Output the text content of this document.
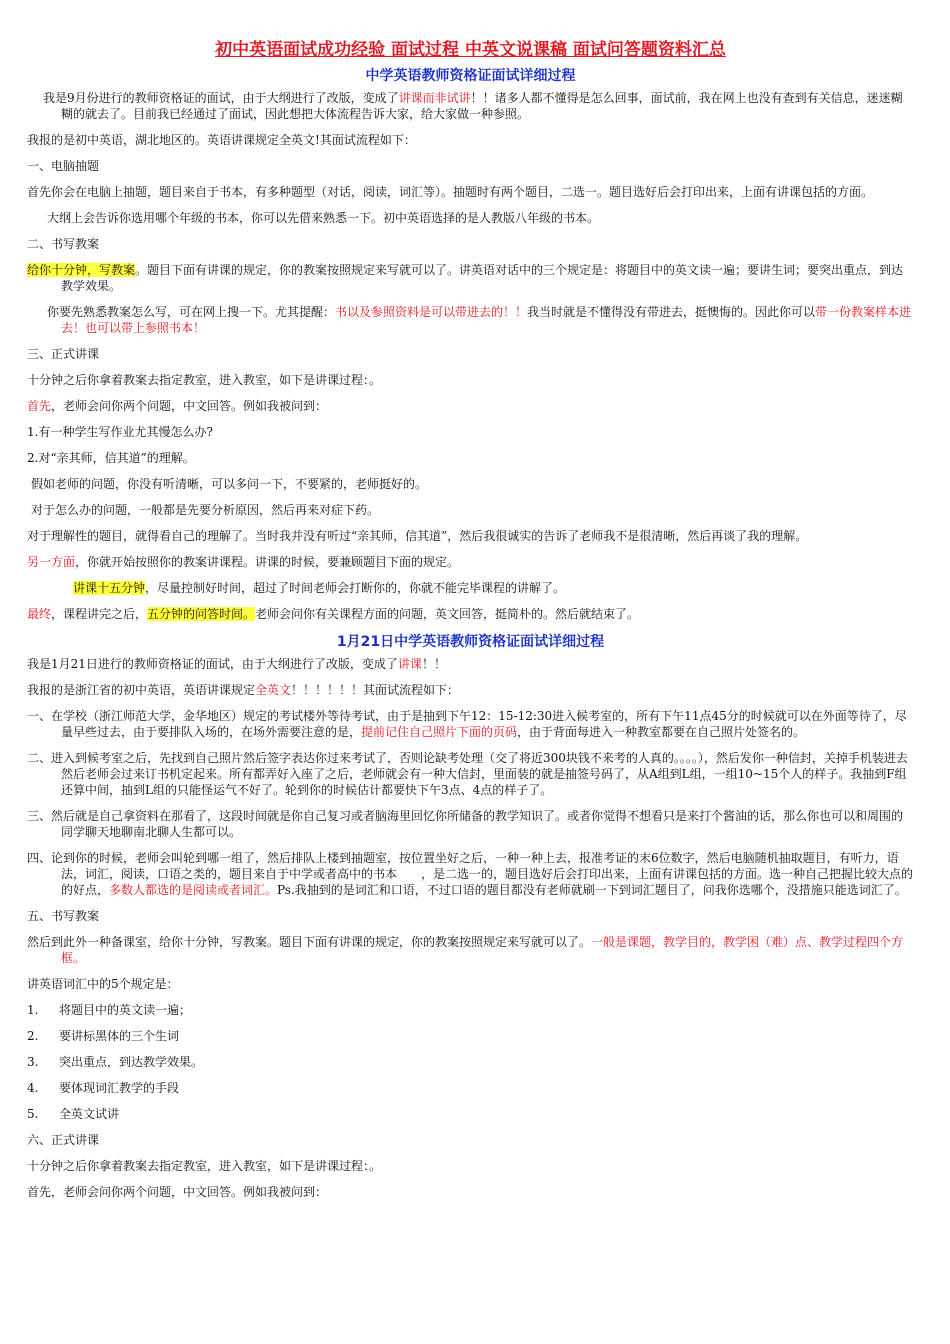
初中英语面试成功经验 面试过程 中英文说课稿 面试问答题资料汇总
中学英语教师资格证面试详细过程

我是9月份进行的教师资格证的面试，由于大纲进行了改版，变成了讲课而非试讲！！诸多人都不懂得是怎么回事，面试前，我在网上也没有查到有关信息，迷迷糊糊的就去了。目前我已经通过了面试，因此想把大体流程告诉大家，给大家做一种参照。

我报的是初中英语，湖北地区的。英语讲课规定全英文!其面试流程如下：

一、电脑抽题

首先你会在电脑上抽题，题目来自于书本，有多种题型（对话，阅读，词汇等）。抽题时有两个题目，二选一。题目选好后会打印出来，上面有讲课包括的方面。

大纲上会告诉你选用哪个年级的书本，你可以先借来熟悉一下。初中英语选择的是人教版八年级的书本。

二、书写教案

给你十分钟，写教案。题目下面有讲课的规定，你的教案按照规定来写就可以了。讲英语对话中的三个规定是：将题目中的英文读一遍；要讲生词；要突出重点，到达教学效果。

你要先熟悉教案怎么写，可在网上搜一下。尤其提醒：书以及参照资料是可以带进去的！！我当时就是不懂得没有带进去，挺懊悔的。因此你可以带一份教案样本进去！也可以带上参照书本！

三、正式讲课

十分钟之后你拿着教案去指定教室，进入教室，如下是讲课过程：。

首先，老师会问你两个问题，中文回答。例如我被问到：

1.有一种学生写作业尤其慢怎么办?

2.对“亲其师，信其道”的理解。

假如老师的问题，你没有听清晰，可以多问一下，不要紧的，老师挺好的。

对于怎么办的问题，一般都是先要分析原因，然后再来对症下药。

对于理解性的题目，就得看自己的理解了。当时我并没有听过“亲其师，信其道”，然后我很诚实的告诉了老师我不是很清晰，然后再谈了我的理解。

另一方面，你就开始按照你的教案讲课程。讲课的时候，要兼顾题目下面的规定。

讲课十五分钟，尽量控制好时间，超过了时间老师会打断你的，你就不能完毕课程的讲解了。

最终，课程讲完之后，五分钟的问答时间。老师会问你有关课程方面的问题，英文回答，挺简朴的。然后就结束了。

1月21日中学英语教师资格证面试详细过程

我是1月21日进行的教师资格证的面试，由于大纲进行了改版，变成了讲课！！

我报的是浙江省的初中英语，英语讲课规定全英文！！！！！！其面试流程如下：

一、在学校（浙江师范大学，金华地区）规定的考试楼外等待考试，由于是抽到下午12：15-12:30进入候考室的，所有下午11点45分的时候就可以在外面等待了，尽量早些过去，由于要排队入场的，在场外需要注意的是，提前记住自己照片下面的页码，由于背面每进入一种教室都要在自己照片处签名的。

二、进入到候考室之后，先找到自己照片然后签字表达你过来考试了，否则论缺考处理（交了将近300块钱不来考的人真的。。。。），然后发你一种信封，关掉手机装进去然后老师会过来订书机定起来。所有都弄好入座了之后，老师就会有一种大信封，里面装的就是抽签号码了，从A组到L组，一组10~15个人的样子。我抽到F组还算中间，抽到L组的只能怪运气不好了。轮到你的时候估计都要快下午3点、4点的样子了。

三、然后就是自己拿资料在那看了，这段时间就是你自己复习或者脑海里回忆你所储备的教学知识了。或者你觉得不想看只是来打个酱油的话，那么你也可以和周围的同学聊天地聊南北聊人生都可以。

四、论到你的时候，老师会叫轮到哪一组了，然后排队上楼到抽题室，按位置坐好之后，一种一种上去，报准考证的末6位数字，然后电脑随机抽取题目，有听力，语法，词汇，阅读，口语之类的，题目来自于中学或者高中的书本　　，是二选一的，题目选好后会打印出来，上面有讲课包括的方面。选一种自己把握比较大点的的好点，多数人都选的是阅读或者词汇。Ps.我抽到的是词汇和口语，不过口语的题目都没有老师就刷一下到词汇题目了，问我你选哪个，没措施只能选词汇了。

五、书写教案

然后到此外一种备课室，给你十分钟，写教案。题目下面有讲课的规定，你的教案按照规定来写就可以了。一般是课题，教学目的，教学困（难）点、教学过程四个方框。

讲英语词汇中的5个规定是：

1. 将题目中的英文读一遍；

2. 要讲标黑体的三个生词

3. 突出重点，到达教学效果。

4. 要体现词汇教学的手段

5. 全英文试讲

六、正式讲课

十分钟之后你拿着教案去指定教室，进入教室，如下是讲课过程：。

首先，老师会问你两个问题，中文回答。例如我被问到：
